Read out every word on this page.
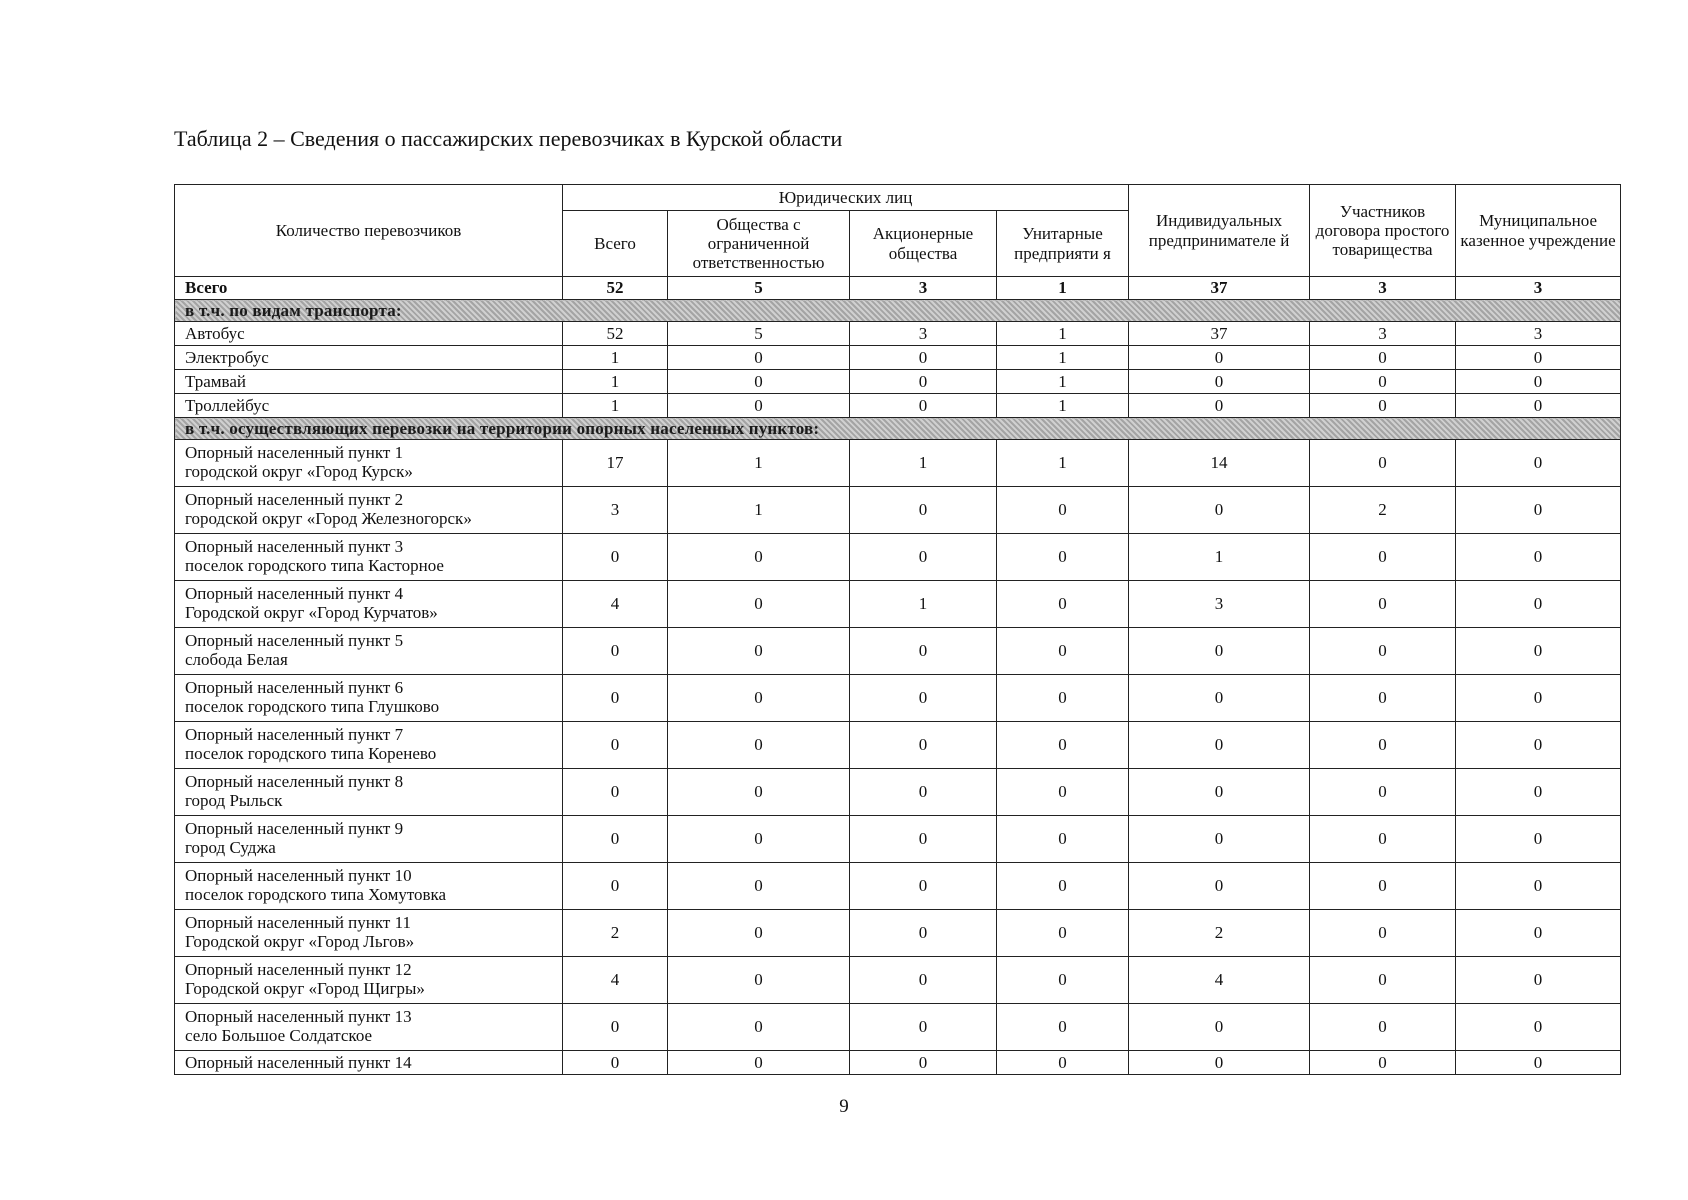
Таблица 2 – Сведения о пассажирских перевозчиках в Курской области
Количество перевозчиков	Юридических лиц				Индивидуальных предпринимателе й	Участников договора простого товарищества	Муниципальное казенное учреждение
	Всего	Общества с ограниченной ответственностью	Акционерные общества	Унитарные предприяти я			
Всего	52	5	3	1	37	3	3
в т.ч. по видам транспорта:							
Автобус	52	5	3	1	37	3	3
Электробус	1	0	0	1	0	0	0
Трамвай	1	0	0	1	0	0	0
Троллейбус	1	0	0	1	0	0	0
в т.ч. осуществляющих перевозки на территории опорных населенных пунктов:							
Опорный населенный пункт 1
городской округ «Город Курск»	17	1	1	1	14	0	0
Опорный населенный пункт 2
городской округ «Город Железногорск»	3	1	0	0	0	2	0
Опорный населенный пункт 3
поселок городского типа Касторное	0	0	0	0	1	0	0
Опорный населенный пункт 4
Городской округ «Город Курчатов»	4	0	1	0	3	0	0
Опорный населенный пункт 5
слобода Белая	0	0	0	0	0	0	0
Опорный населенный пункт 6
поселок городского типа Глушково	0	0	0	0	0	0	0
Опорный населенный пункт 7
поселок городского типа Коренево	0	0	0	0	0	0	0
Опорный населенный пункт 8
город Рыльск	0	0	0	0	0	0	0
Опорный населенный пункт 9
город Суджа	0	0	0	0	0	0	0
Опорный населенный пункт 10
поселок городского типа Хомутовка	0	0	0	0	0	0	0
Опорный населенный пункт 11
Городской округ «Город Льгов»	2	0	0	0	2	0	0
Опорный населенный пункт 12
Городской округ «Город Щигры»	4	0	0	0	4	0	0
Опорный населенный пункт 13
село Большое Солдатское	0	0	0	0	0	0	0
Опорный населенный пункт 14	0	0	0	0	0	0	0
9
